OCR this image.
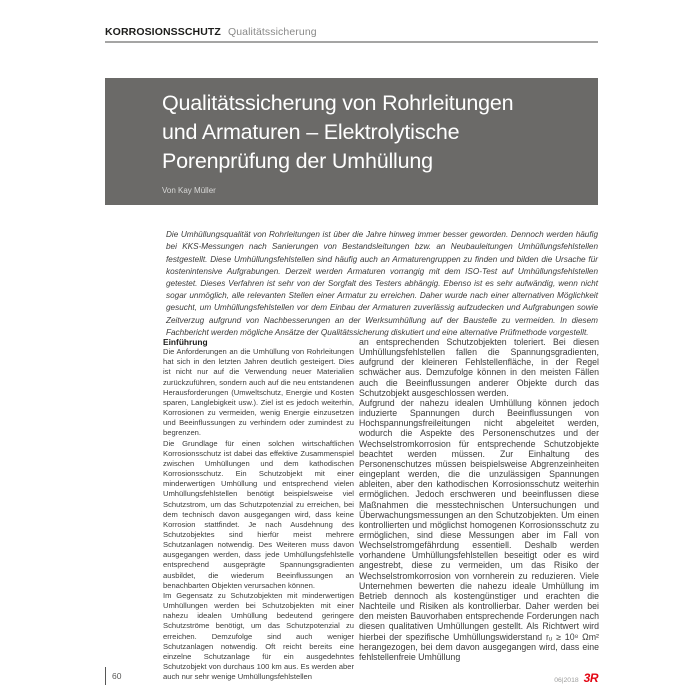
KORROSIONSSCHUTZ Qualitätssicherung
Qualitätssicherung von Rohrleitungen
und Armaturen – Elektrolytische
Porenprüfung der Umhüllung
Von Kay Müller

Die Umhüllungsqualität von Rohrleitungen ist über die Jahre hinweg immer besser geworden. Dennoch werden häufig bei KKS-Messungen nach Sanierungen von Bestandsleitungen bzw. an Neubauleitungen Umhüllungsfehlstellen festgestellt. Diese Umhüllungsfehlstellen sind häufig auch an Armaturengruppen zu finden und bilden die Ursache für kostenintensive Aufgrabungen. Derzeit werden Armaturen vorrangig mit dem ISO-Test auf Umhüllungsfehlstellen getestet. Dieses Verfahren ist sehr von der Sorgfalt des Testers abhängig. Ebenso ist es sehr aufwändig, wenn nicht sogar unmöglich, alle relevanten Stellen einer Armatur zu erreichen. Daher wurde nach einer alternativen Möglichkeit gesucht, um Umhüllungsfehlstellen vor dem Einbau der Armaturen zuverlässig aufzudecken und Aufgrabungen sowie Zeitverzug aufgrund von Nachbesserungen an der Werksumhüllung auf der Baustelle zu vermeiden. In diesem Fachbericht werden mögliche Ansätze der Qualitätssicherung diskutiert und eine alternative Prüfmethode vorgestellt.

Einführung

Die Anforderungen an die Umhüllung von Rohrleitungen hat sich in den letzten Jahren deutlich gesteigert. Dies ist nicht nur auf die Verwendung neuer Materialien zurückzuführen, sondern auch auf die neu entstandenen Herausforderungen (Umweltschutz, Energie und Kosten sparen, Langlebigkeit usw.). Ziel ist es jedoch weiterhin, Korrosionen zu vermeiden, wenig Energie einzusetzen und Beeinflussungen zu verhindern oder zumindest zu begrenzen.

Die Grundlage für einen solchen wirtschaftlichen Korrosionsschutz ist dabei das effektive Zusammenspiel zwischen Umhüllungen und dem kathodischen Korrosionsschutz. Ein Schutzobjekt mit einer minderwertigen Umhüllung und entsprechend vielen Umhüllungsfehlstellen benötigt beispielsweise viel Schutzstrom, um das Schutzpotenzial zu erreichen, bei dem technisch davon ausgegangen wird, dass keine Korrosion stattfindet. Je nach Ausdehnung des Schutzobjektes sind hierfür meist mehrere Schutzanlagen notwendig. Des Weiteren muss davon ausgegangen werden, dass jede Umhüllungsfehlstelle entsprechend ausgeprägte Spannungsgradienten ausbildet, die wiederum Beeinflussungen an benachbarten Objekten verursachen können.

Im Gegensatz zu Schutzobjekten mit minderwertigen Umhüllungen werden bei Schutzobjekten mit einer nahezu idealen Umhüllung bedeutend geringere Schutzströme benötigt, um das Schutzpotenzial zu erreichen. Demzufolge sind auch weniger Schutzanlagen notwendig. Oft reicht bereits eine einzelne Schutzanlage für ein ausgedehntes Schutzobjekt von durchaus 100 km aus. Es werden aber auch nur sehr wenige Umhüllungsfehlstellen

an entsprechenden Schutzobjekten toleriert. Bei diesen Umhüllungsfehlstellen fallen die Spannungsgradienten, aufgrund der kleineren Fehlstellenfläche, in der Regel schwächer aus. Demzufolge können in den meisten Fällen auch die Beeinflussungen anderer Objekte durch das Schutzobjekt ausgeschlossen werden.

Aufgrund der nahezu idealen Umhüllung können jedoch induzierte Spannungen durch Beeinflussungen von Hochspannungsfreileitungen nicht abgeleitet werden, wodurch die Aspekte des Personenschutzes und der Wechselstromkorrosion für entsprechende Schutzobjekte beachtet werden müssen. Zur Einhaltung des Personenschutzes müssen beispielsweise Abgrenzeinheiten eingeplant werden, die die unzulässigen Spannungen ableiten, aber den kathodischen Korrosionsschutz weiterhin ermöglichen. Jedoch erschweren und beeinflussen diese Maßnahmen die messtechnischen Untersuchungen und Überwachungsmessungen an den Schutzobjekten. Um einen kontrollierten und möglichst homogenen Korrosionsschutz zu ermöglichen, sind diese Messungen aber im Fall von Wechselstromgefährdung essentiell. Deshalb werden vorhandene Umhüllungsfehlstellen beseitigt oder es wird angestrebt, diese zu vermeiden, um das Risiko der Wechselstromkorrosion von vornherein zu reduzieren. Viele Unternehmen bewerten die nahezu ideale Umhüllung im Betrieb dennoch als kostengünstiger und erachten die Nachteile und Risiken als kontrollierbar. Daher werden bei den meisten Bauvorhaben entsprechende Forderungen nach diesen qualitativen Umhüllungen gestellt. Als Richtwert wird hierbei der spezifische Umhüllungswiderstand rᵤ ≥ 10⁸ Ωm² herangezogen, bei dem davon ausgegangen wird, dass eine fehlstellenfreie Umhüllung

60	06|2018 3R
